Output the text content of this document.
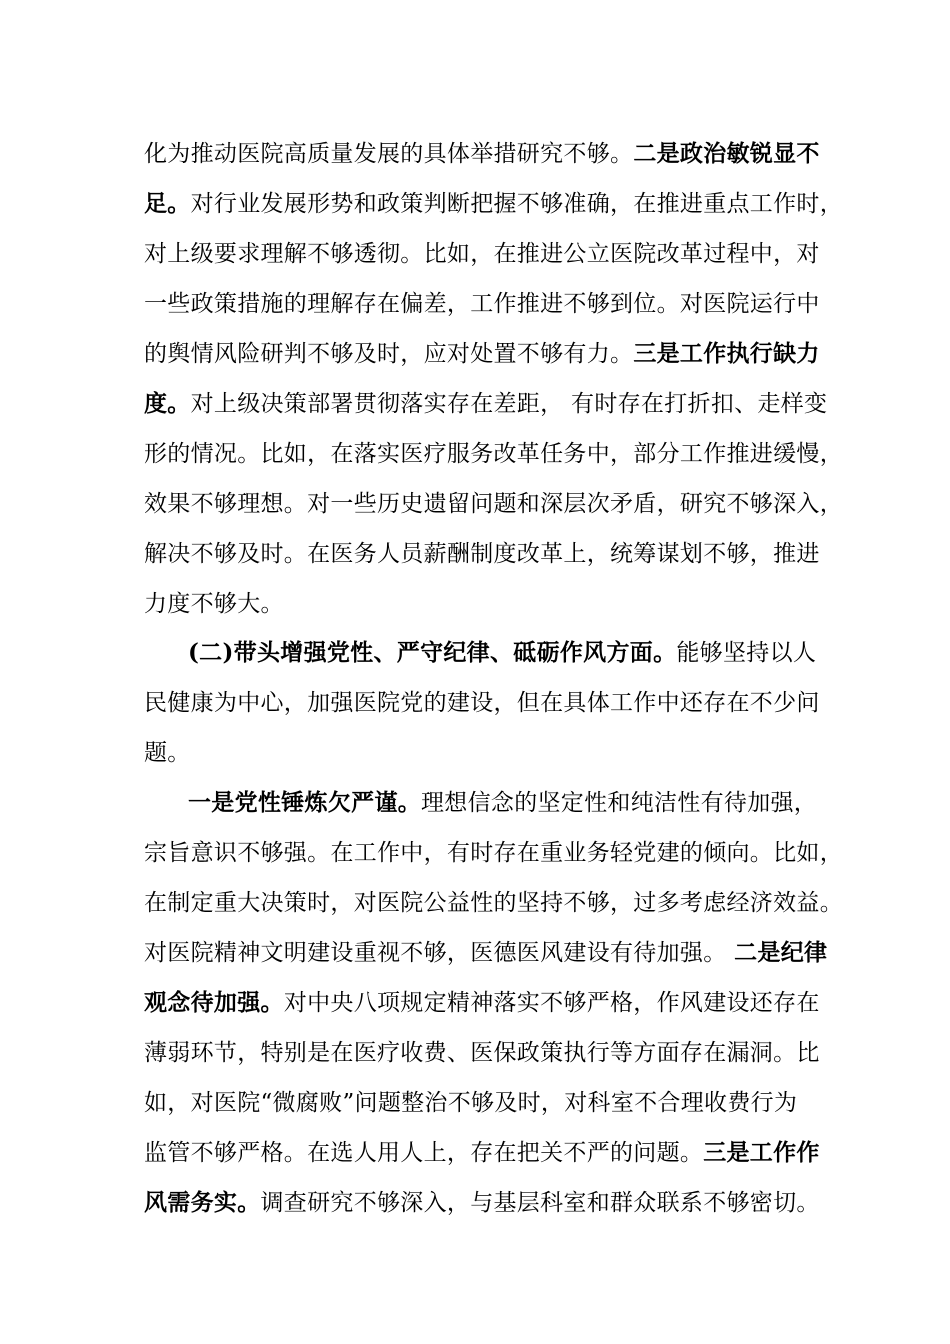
化为推动医院高质量发展的具体举措研究不够。二是政治敏锐显不
足。对行业发展形势和政策判断把握不够准确，在推进重点工作时，
对上级要求理解不够透彻。比如，在推进公立医院改革过程中，对
一些政策措施的理解存在偏差，工作推进不够到位。对医院运行中
的舆情风险研判不够及时，应对处置不够有力。三是工作执行缺力
度。对上级决策部署贯彻落实存在差距， 有时存在打折扣、走样变
形的情况。比如，在落实医疗服务改革任务中，部分工作推进缓慢，
效果不够理想。对一些历史遗留问题和深层次矛盾，研究不够深入，
解决不够及时。在医务人员薪酬制度改革上，统筹谋划不够，推进
力度不够大。
(二)带头增强党性、严守纪律、砥砺作风方面。能够坚持以人
民健康为中心，加强医院党的建设，但在具体工作中还存在不少问
题。
一是党性锤炼欠严谨。理想信念的坚定性和纯洁性有待加强，
宗旨意识不够强。在工作中，有时存在重业务轻党建的倾向。比如，
在制定重大决策时，对医院公益性的坚持不够，过多考虑经济效益。
对医院精神文明建设重视不够，医德医风建设有待加强。 二是纪律
观念待加强。对中央八项规定精神落实不够严格，作风建设还存在
薄弱环节，特别是在医疗收费、医保政策执行等方面存在漏洞。比
如，对医院“微腐败”问题整治不够及时，对科室不合理收费行为
监管不够严格。在选人用人上，存在把关不严的问题。三是工作作
风需务实。调查研究不够深入，与基层科室和群众联系不够密切。
